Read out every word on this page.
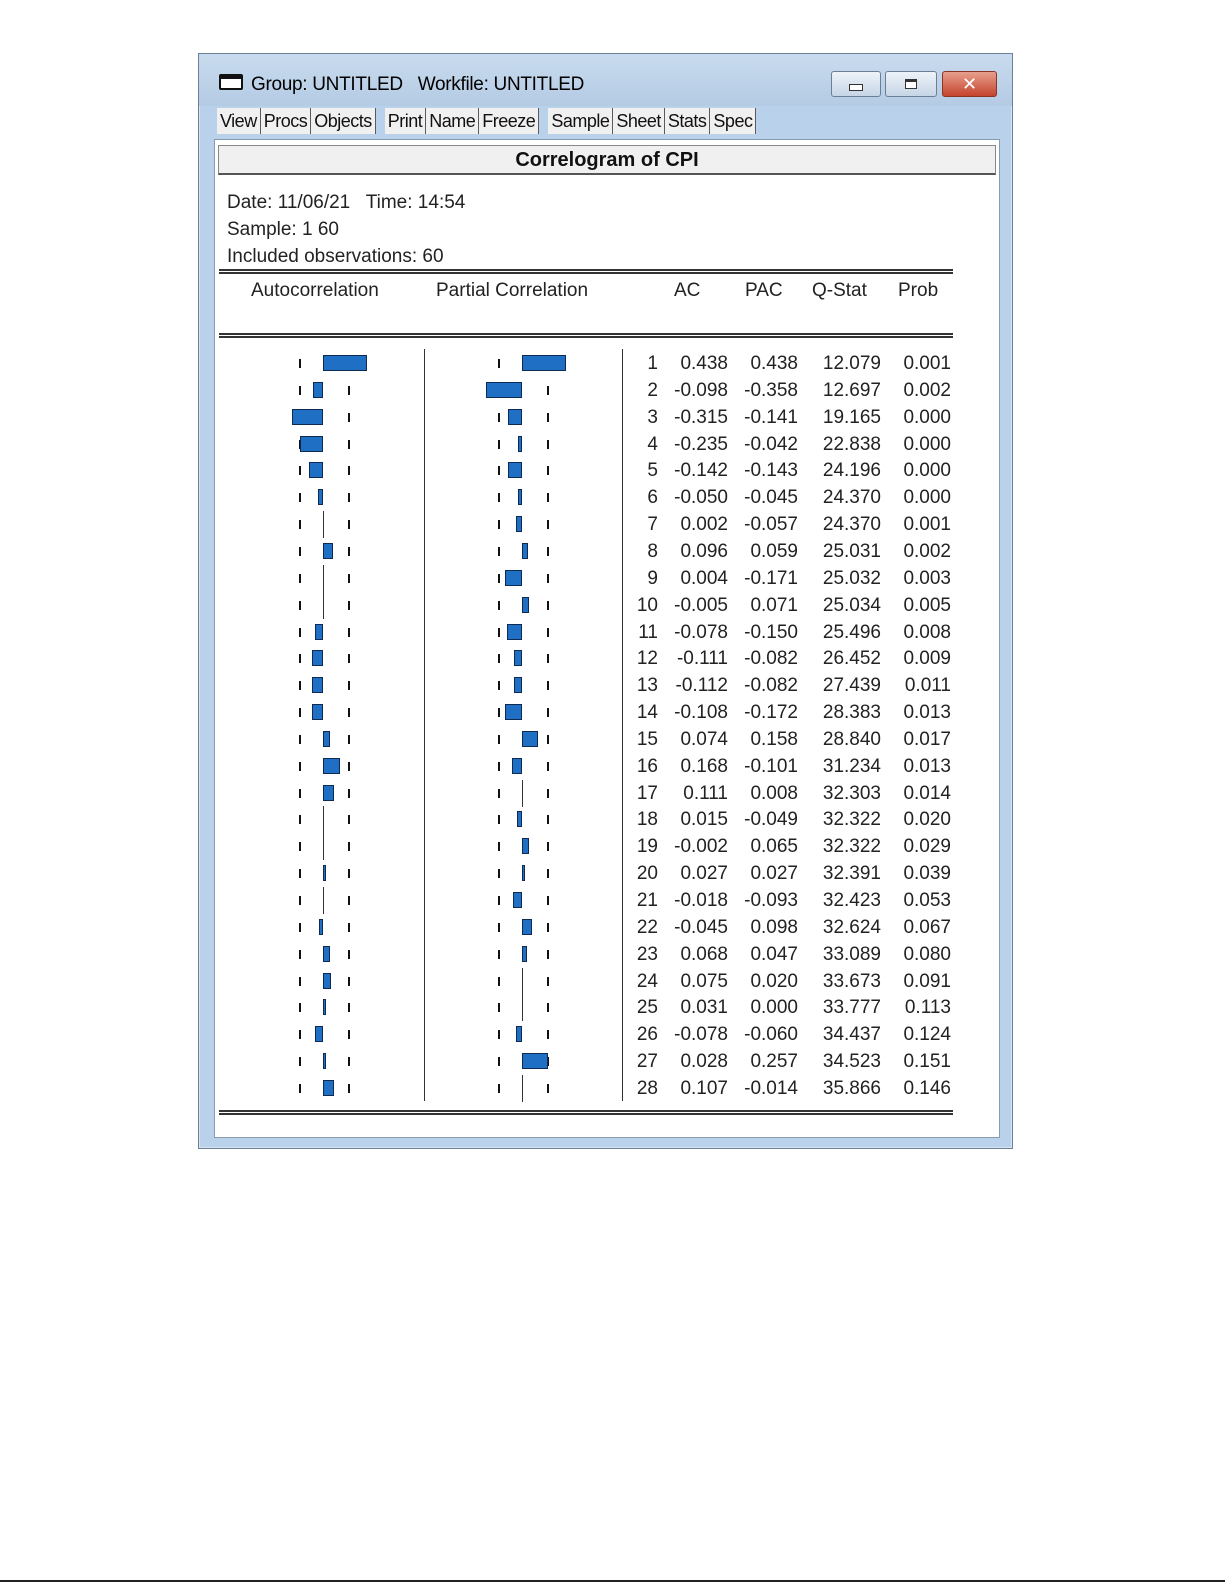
Group: UNTITLED   Workfile: UNTITLED	✕
View Procs Objects Print Name Freeze Sample Sheet Stats Spec
Correlogram of CPI
Date: 11/06/21   Time: 14:54
Sample: 1 60
Included observations: 60
Autocorrelation	Partial Correlation	AC PAC Q-Stat Prob
1 0.438 0.438 12.079 0.001
2 -0.098 -0.358 12.697 0.002
3 -0.315 -0.141 19.165 0.000
4 -0.235 -0.042 22.838 0.000
5 -0.142 -0.143 24.196 0.000
6 -0.050 -0.045 24.370 0.000
7 0.002 -0.057 24.370 0.001
8 0.096 0.059 25.031 0.002
9 0.004 -0.171 25.032 0.003
10 -0.005 0.071 25.034 0.005
11 -0.078 -0.150 25.496 0.008
12 -0.111 -0.082 26.452 0.009
13 -0.112 -0.082 27.439 0.011
14 -0.108 -0.172 28.383 0.013
15 0.074 0.158 28.840 0.017
16 0.168 -0.101 31.234 0.013
17 0.111 0.008 32.303 0.014
18 0.015 -0.049 32.322 0.020
19 -0.002 0.065 32.322 0.029
20 0.027 0.027 32.391 0.039
21 -0.018 -0.093 32.423 0.053
22 -0.045 0.098 32.624 0.067
23 0.068 0.047 33.089 0.080
24 0.075 0.020 33.673 0.091
25 0.031 0.000 33.777 0.113
26 -0.078 -0.060 34.437 0.124
27 0.028 0.257 34.523 0.151
28 0.107 -0.014 35.866 0.146
